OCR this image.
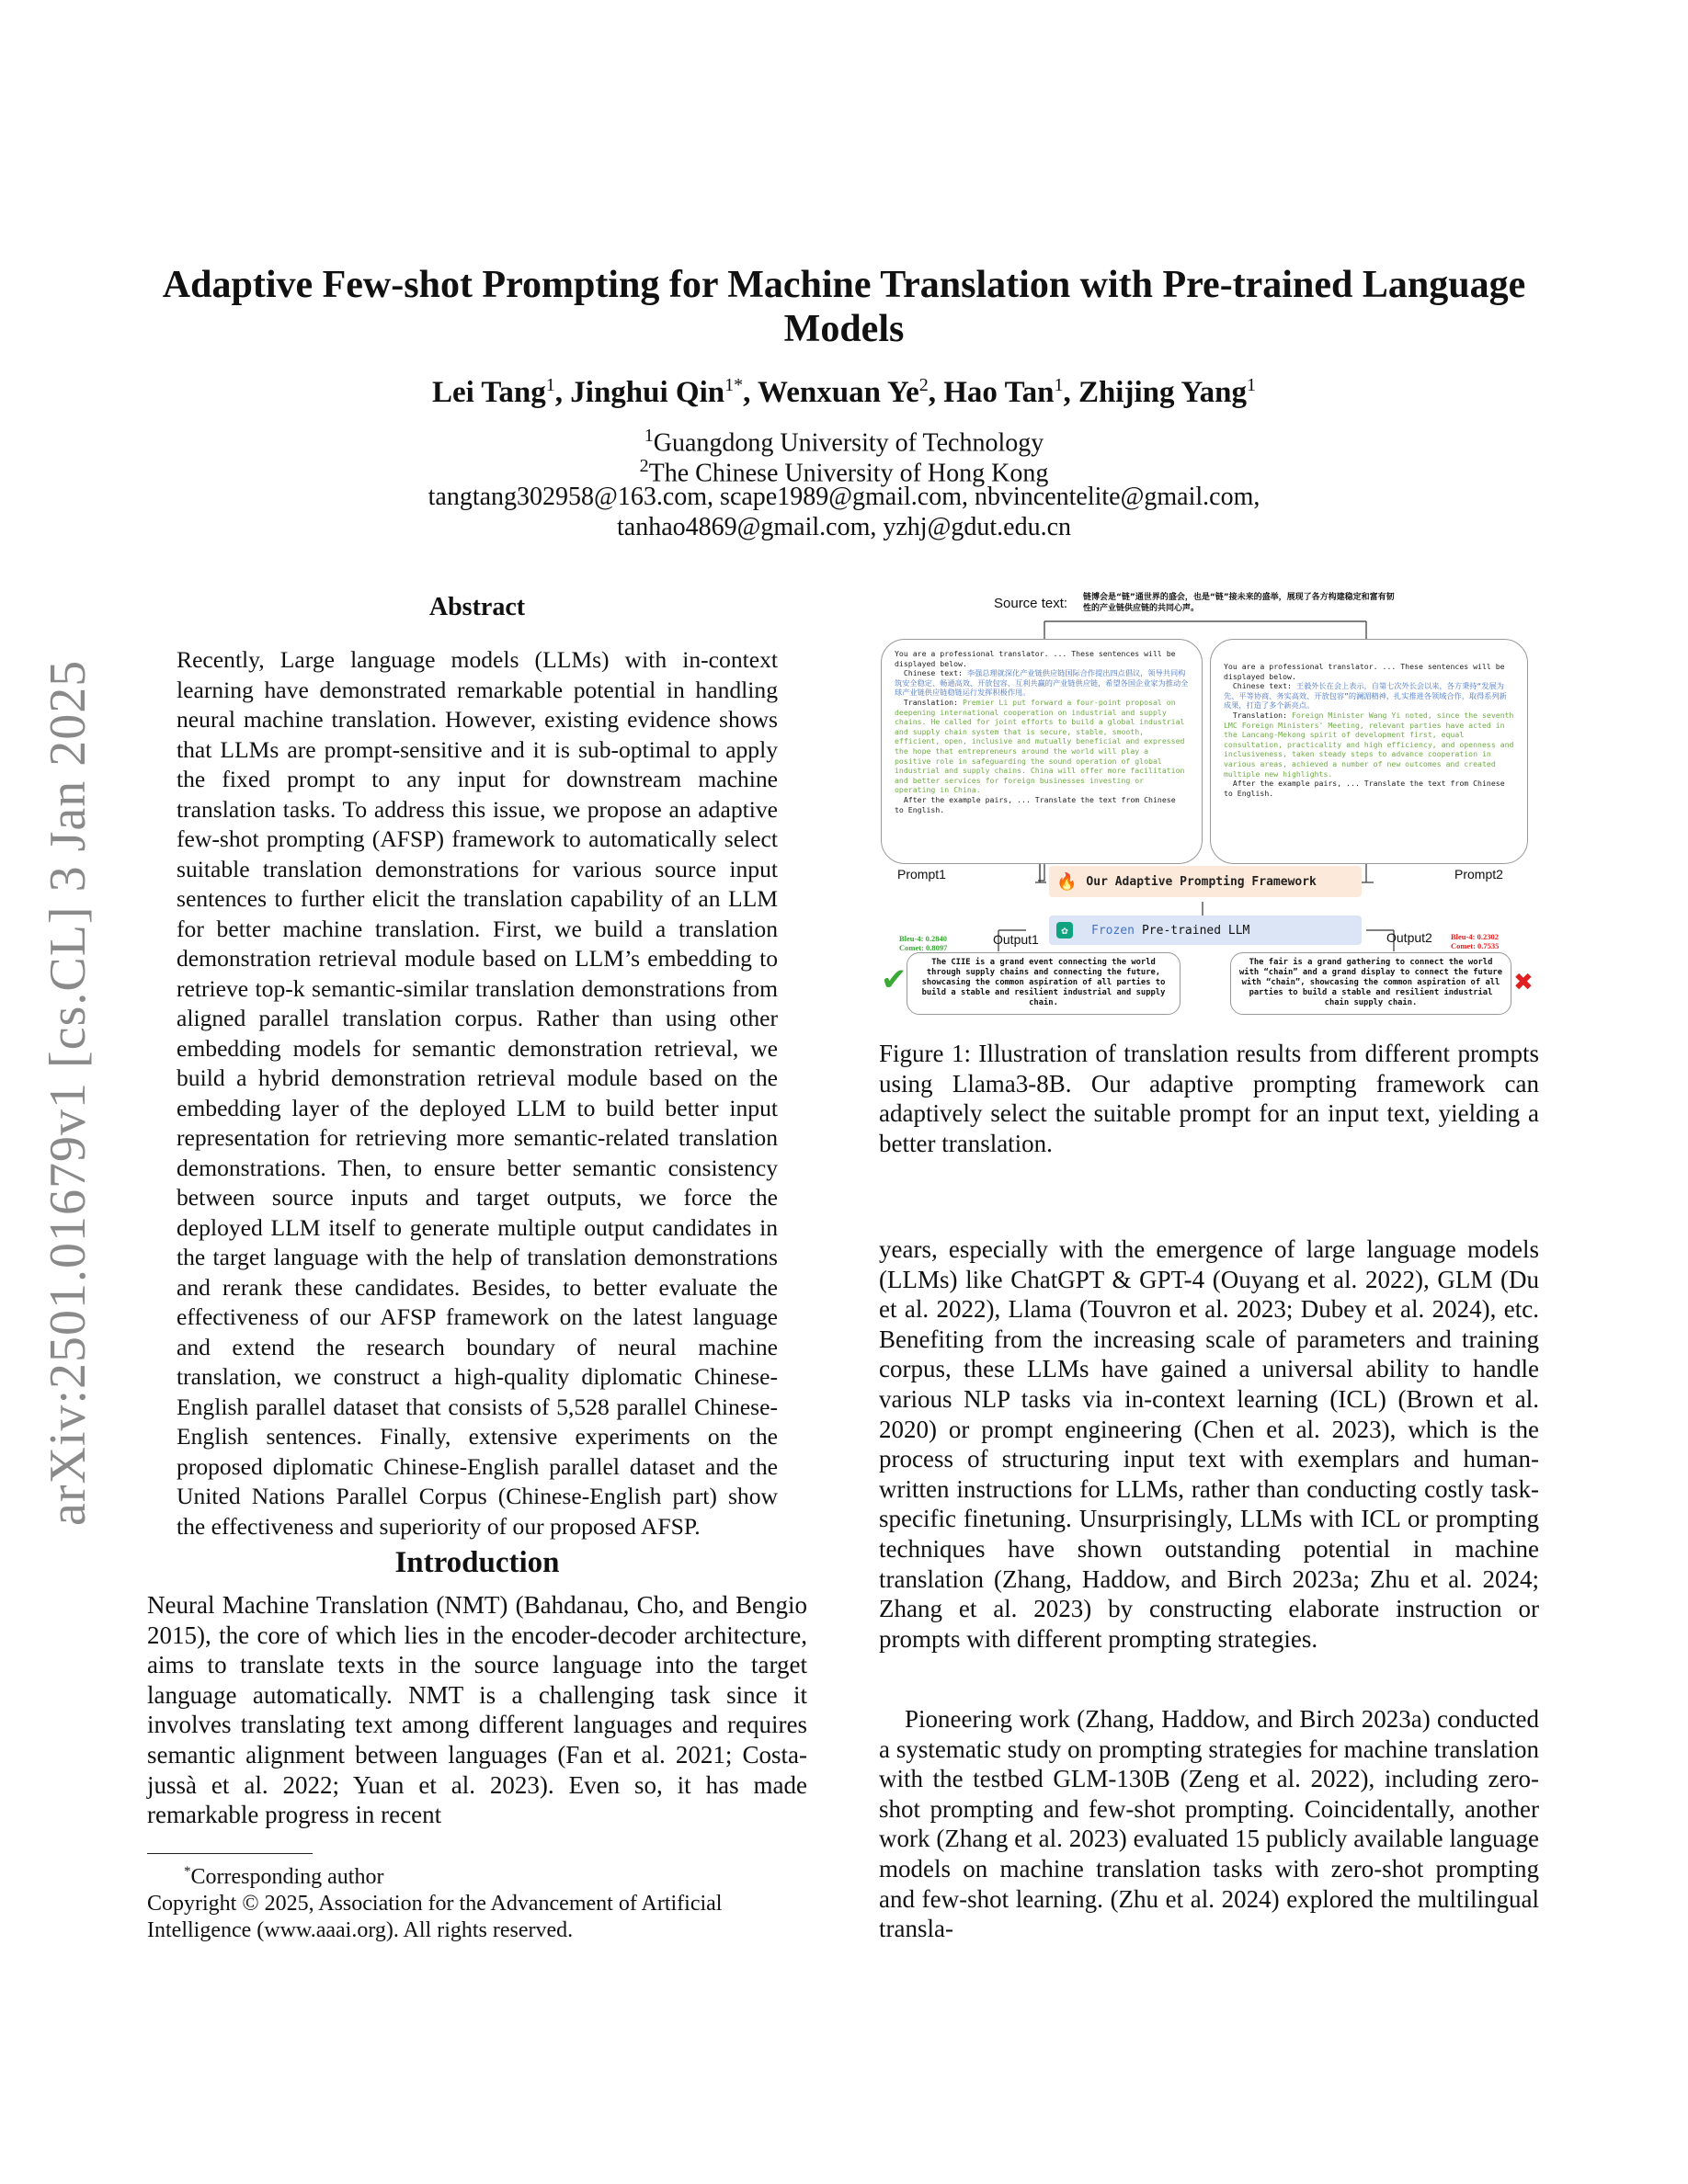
arXiv:2501.01679v1 [cs.CL] 3 Jan 2025
Adaptive Few-shot Prompting for Machine Translation with Pre-trained Language Models
Lei Tang$^1$, Jinghui Qin$^{1*}$, Wenxuan Ye$^2$, Hao Tan$^1$, Zhijing Yang$^1$
$^1$Guangdong University of Technology
$^2$The Chinese University of Hong Kong
tangtang302958@163.com, scape1989@gmail.com, nbvincentelite@gmail.com,
tanhao4869@gmail.com, yzhj@gdut.edu.cn
Abstract
Recently, Large language models (LLMs) with in-context learning have demonstrated remarkable potential in handling neural machine translation. However, existing evidence shows that LLMs are prompt-sensitive and it is sub-optimal to apply the fixed prompt to any input for downstream machine translation tasks. To address this issue, we propose an adaptive few-shot prompting (AFSP) framework to automatically select suitable translation demonstrations for various source input sentences to further elicit the translation capability of an LLM for better machine translation. First, we build a translation demonstration retrieval module based on LLM’s embedding to retrieve top-k semantic-similar translation demonstrations from aligned parallel translation corpus. Rather than using other embedding models for semantic demonstration retrieval, we build a hybrid demonstration retrieval module based on the embedding layer of the deployed LLM to build better input representation for retrieving more semantic-related translation demonstrations. Then, to ensure better semantic consistency between source inputs and target outputs, we force the deployed LLM itself to generate multiple output candidates in the target language with the help of translation demonstrations and rerank these candidates. Besides, to better evaluate the effectiveness of our AFSP framework on the latest language and extend the research boundary of neural machine translation, we construct a high-quality diplomatic Chinese-English parallel dataset that consists of 5,528 parallel Chinese-English sentences. Finally, extensive experiments on the proposed diplomatic Chinese-English parallel dataset and the United Nations Parallel Corpus (Chinese-English part) show the effectiveness and superiority of our proposed AFSP.
Introduction
Neural Machine Translation (NMT) (Bahdanau, Cho, and Bengio 2015), the core of which lies in the encoder-decoder architecture, aims to translate texts in the source language into the target language automatically. NMT is a challenging task since it involves translating text among different languages and requires semantic alignment between languages (Fan et al. 2021; Costa-jussà et al. 2022; Yuan et al. 2023). Even so, it has made remarkable progress in recent
*Corresponding author
Copyright © 2025, Association for the Advancement of Artificial Intelligence (www.aaai.org). All rights reserved.
Source text: 链博会是“链”通世界的盛会，也是“链”接未来的盛举，展现了各方构建稳定和富有韧性的产业链供应链的共同心声。
You are a professional translator. ... These sentences will be displayed below.
Chinese text: 李强总理就深化产业链供应链国际合作提出四点倡议，领导共同构筑安全稳定、畅通高效、开放包容、互利共赢的产业链供应链，希望各国企业家为推动全球产业链供应链稳链运行发挥积极作用。
Translation: Premier Li put forward a four-point proposal on deepening international cooperation on industrial and supply chains. He called for joint efforts to build a global industrial and supply chain system that is secure, stable, smooth, efficient, open, inclusive and mutually beneficial and expressed the hope that entrepreneurs around the world will play a positive role in safeguarding the sound operation of global industrial and supply chains. China will offer more facilitation and better services for foreign businesses investing or operating in China.
After the example pairs, ... Translate the text from Chinese to English.
You are a professional translator. ... These sentences will be displayed below.
Chinese text: 王毅外长在会上表示，自第七次外长会以来，各方秉持“发展为先、平等协商、务实高效、开放包容”的澜湄精神，扎实推进各领域合作，取得系列新成果，打造了多个新亮点。
Translation: Foreign Minister Wang Yi noted, since the seventh LMC Foreign Ministers' Meeting, relevant parties have acted in the Lancang-Mekong spirit of development first, equal consultation, practicality and high efficiency, and openness and inclusiveness, taken steady steps to advance cooperation in various areas, achieved a number of new outcomes and created multiple new highlights.
After the example pairs, ... Translate the text from Chinese to English.
Prompt1	Prompt2
🔥 Our Adaptive Prompting Framework
✿	Frozen Pre-trained LLM
Bleu-4: 0.2840
Comet: 0.8097
Output1	Output2 Bleu-4: 0.2302
Comet: 0.7535
✔	The CIIE is a grand event connecting the world through supply chains and connecting the future, showcasing the common aspiration of all parties to build a stable and resilient industrial and supply chain.
The fair is a grand gathering to connect the world with “chain” and a grand display to connect the future with “chain”, showcasing the common aspiration of all parties to build a stable and resilient industrial chain supply chain.
✖
Figure 1: Illustration of translation results from different prompts using Llama3-8B. Our adaptive prompting framework can adaptively select the suitable prompt for an input text, yielding a better translation.
years, especially with the emergence of large language models (LLMs) like ChatGPT & GPT-4 (Ouyang et al. 2022), GLM (Du et al. 2022), Llama (Touvron et al. 2023; Dubey et al. 2024), etc. Benefiting from the increasing scale of parameters and training corpus, these LLMs have gained a universal ability to handle various NLP tasks via in-context learning (ICL) (Brown et al. 2020) or prompt engineering (Chen et al. 2023), which is the process of structuring input text with exemplars and human-written instructions for LLMs, rather than conducting costly task-specific finetuning. Unsurprisingly, LLMs with ICL or prompting techniques have shown outstanding potential in machine translation (Zhang, Haddow, and Birch 2023a; Zhu et al. 2024; Zhang et al. 2023) by constructing elaborate instruction or prompts with different prompting strategies.
Pioneering work (Zhang, Haddow, and Birch 2023a) conducted a systematic study on prompting strategies for machine translation with the testbed GLM-130B (Zeng et al. 2022), including zero-shot prompting and few-shot prompting. Coincidentally, another work (Zhang et al. 2023) evaluated 15 publicly available language models on machine translation tasks with zero-shot prompting and few-shot learning. (Zhu et al. 2024) explored the multilingual transla-
